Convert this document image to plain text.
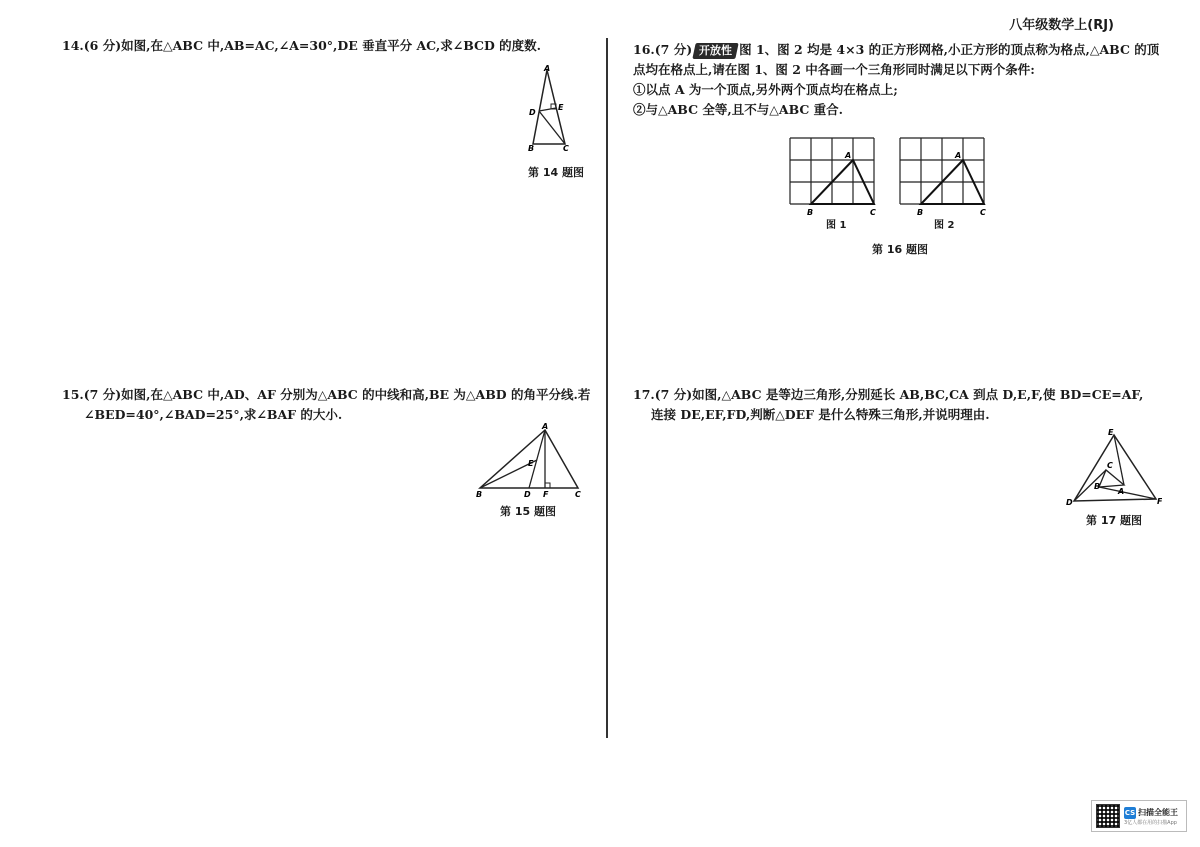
八年级数学上(RJ)
14.(6 分)如图,在△ABC 中,AB=AC,∠A=30°,DE 垂直平分 AC,求∠BCD 的度数.
A
D
E
B	C
第 14 题图
15.(7 分)如图,在△ABC 中,AD、AF 分别为△ABC 的中线和高,BE 为△ABD 的角平分线.若
∠BED=40°,∠BAD=25°,求∠BAF 的大小.
A
E
B	D F	C
第 15 题图
16.(7 分) 开放性 图 1、图 2 均是 4×3 的正方形网格,小正方形的顶点称为格点,△ABC 的顶
点均在格点上,请在图 1、图 2 中各画一个三角形同时满足以下两个条件:
①以点 A 为一个顶点,另外两个顶点均在格点上;
②与△ABC 全等,且不与△ABC 重合.
A
B	C
图 1
A
B	C
图 2
第 16 题图
17.(7 分)如图,△ABC 是等边三角形,分别延长 AB,BC,CA 到点 D,E,F,使 BD=CE=AF,
连接 DE,EF,FD,判断△DEF 是什么特殊三角形,并说明理由.
E
C
B
A
D	F
第 17 题图
CS 扫描全能王
3亿人都在用的扫描App
